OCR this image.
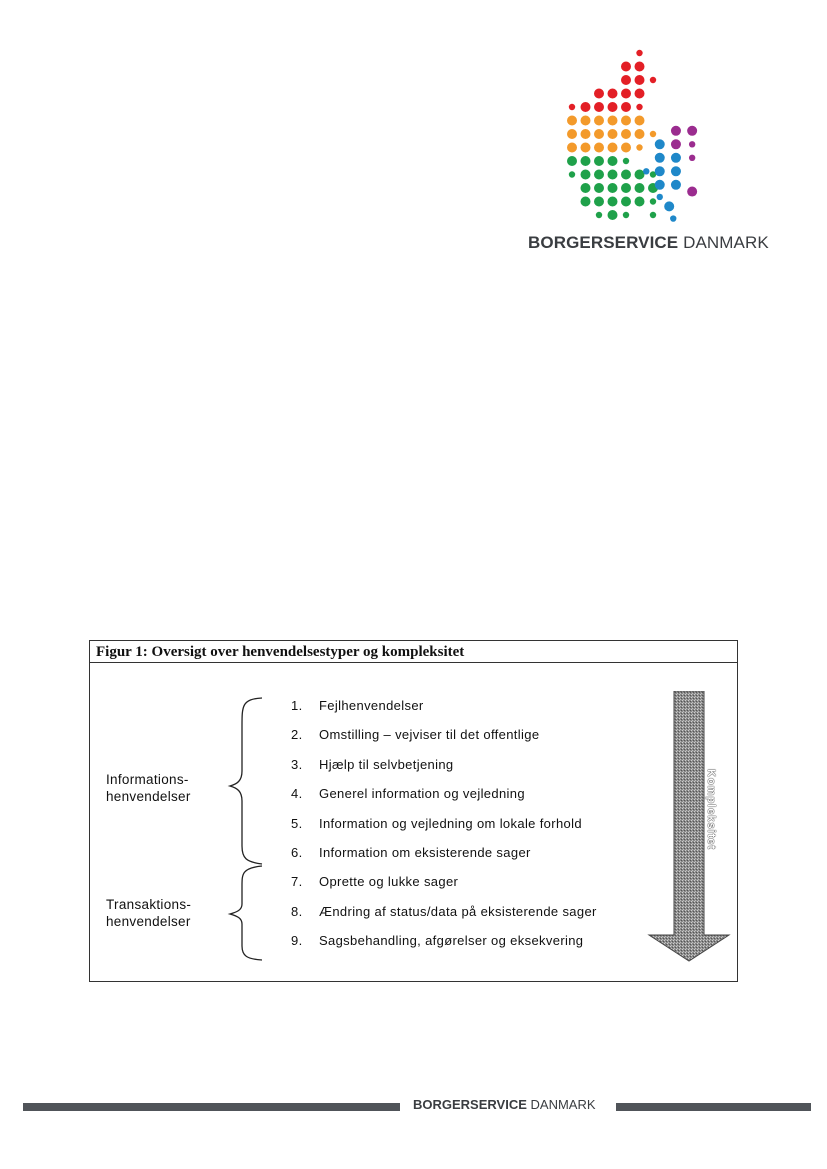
BORGERSERVICE DANMARK
Figur 1: Oversigt over henvendelsestyper og kompleksitet
Informations-
henvendelser
Transaktions-
henvendelser
1.	Fejlhenvendelser
2.	Omstilling – vejviser til det offentlige
3.	Hjælp til selvbetjening
4.	Generel information og vejledning
5.	Information og vejledning om lokale forhold
6.	Information om eksisterende sager
7.	Oprette og lukke sager
8.	Ændring af status/data på eksisterende sager
9.	Sagsbehandling, afgørelser og eksekvering
Kompleksitet
BORGERSERVICE DANMARK
